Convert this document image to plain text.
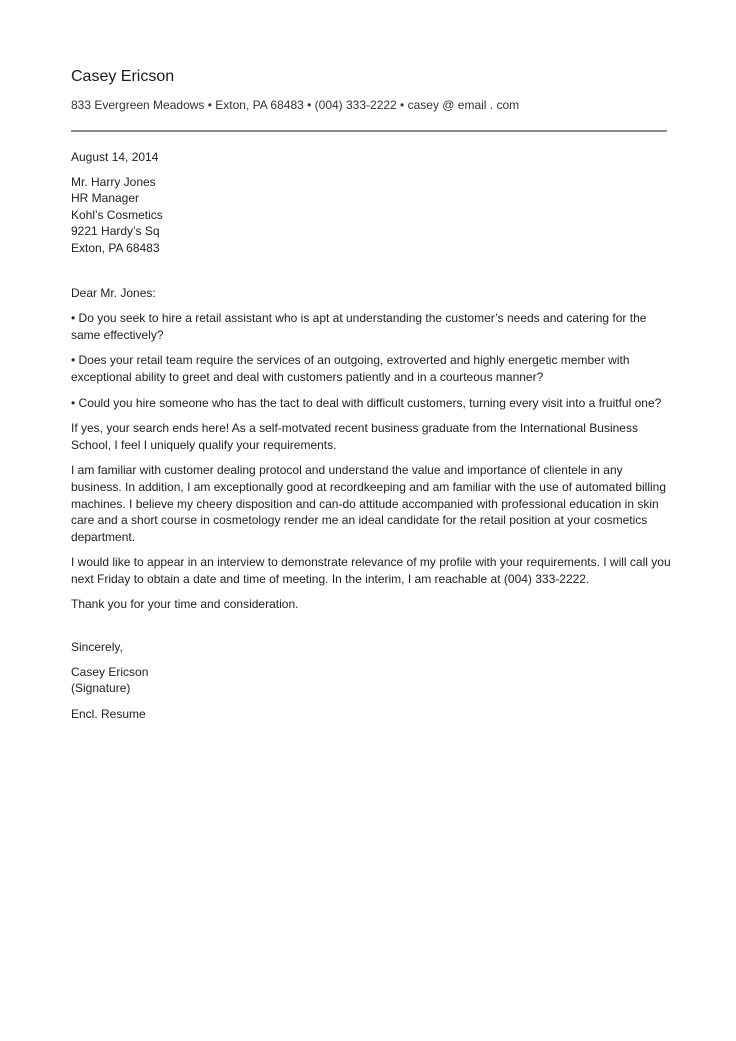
Casey Ericson
833 Evergreen Meadows • Exton, PA 68483 • (004) 333-2222 • casey @ email . com
August 14, 2014
Mr. Harry Jones
HR Manager
Kohl’s Cosmetics
9221 Hardy’s Sq
Exton, PA 68483
Dear Mr. Jones:

• Do you seek to hire a retail assistant who is apt at understanding the customer’s needs and catering for the same effectively?

• Does your retail team require the services of an outgoing, extroverted and highly energetic member with exceptional ability to greet and deal with customers patiently and in a courteous manner?

• Could you hire someone who has the tact to deal with difficult customers, turning every visit into a fruitful one?

If yes, your search ends here! As a self-motvated recent business graduate from the International Business School, I feel I uniquely qualify your requirements.

I am familiar with customer dealing protocol and understand the value and importance of clientele in any business. In addition, I am exceptionally good at recordkeeping and am familiar with the use of automated billing machines. I believe my cheery disposition and can-do attitude accompanied with professional education in skin care and a short course in cosmetology render me an ideal candidate for the retail position at your cosmetics department.

I would like to appear in an interview to demonstrate relevance of my profile with your requirements. I will call you next Friday to obtain a date and time of meeting. In the interim, I am reachable at (004) 333-2222.

Thank you for your time and consideration.

Sincerely,
Casey Ericson
(Signature)
Encl. Resume
